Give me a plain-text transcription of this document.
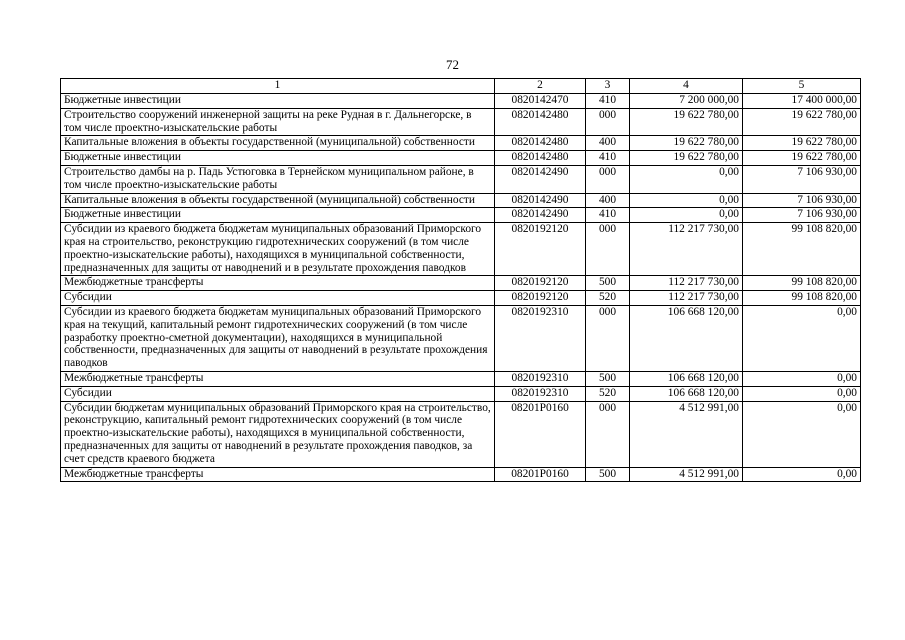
72
1	2	3	4	5
Бюджетные инвестиции	0820142470	410	7 200 000,00	17 400 000,00
Строительство сооружений инженерной защиты на реке Рудная в г. Дальнегорске, в том числе проектно-изыскательские работы	0820142480	000	19 622 780,00	19 622 780,00
Капитальные вложения в объекты государственной (муниципальной) собственности	0820142480	400	19 622 780,00	19 622 780,00
Бюджетные инвестиции	0820142480	410	19 622 780,00	19 622 780,00
Строительство дамбы на р. Падь Устюговка в Тернейском муниципальном районе, в том числе проектно-изыскательские работы	0820142490	000	0,00	7 106 930,00
Капитальные вложения в объекты государственной (муниципальной) собственности	0820142490	400	0,00	7 106 930,00
Бюджетные инвестиции	0820142490	410	0,00	7 106 930,00
Субсидии из краевого бюджета бюджетам муниципальных образований Приморского края на строительство, реконструкцию гидротехнических сооружений (в том числе проектно-изыскательские работы), находящихся в муниципальной собственности, предназначенных для защиты от наводнений и в результате прохождения паводков	0820192120	000	112 217 730,00	99 108 820,00
Межбюджетные трансферты	0820192120	500	112 217 730,00	99 108 820,00
Субсидии	0820192120	520	112 217 730,00	99 108 820,00
Субсидии из краевого бюджета бюджетам муниципальных образований Приморского края на текущий, капитальный ремонт гидротехнических сооружений (в том числе разработку проектно-сметной документации), находящихся в муниципальной собственности, предназначенных для защиты от наводнений в результате прохождения паводков	0820192310	000	106 668 120,00	0,00
Межбюджетные трансферты	0820192310	500	106 668 120,00	0,00
Субсидии	0820192310	520	106 668 120,00	0,00
Субсидии бюджетам муниципальных образований Приморского края на строительство, реконструкцию, капитальный ремонт гидротехнических сооружений (в том числе проектно-изыскательские работы), находящихся в муниципальной собственности, предназначенных для защиты от наводнений в результате прохождения паводков, за счет средств краевого бюджета	08201P0160	000	4 512 991,00	0,00
Межбюджетные трансферты	08201P0160	500	4 512 991,00	0,00
